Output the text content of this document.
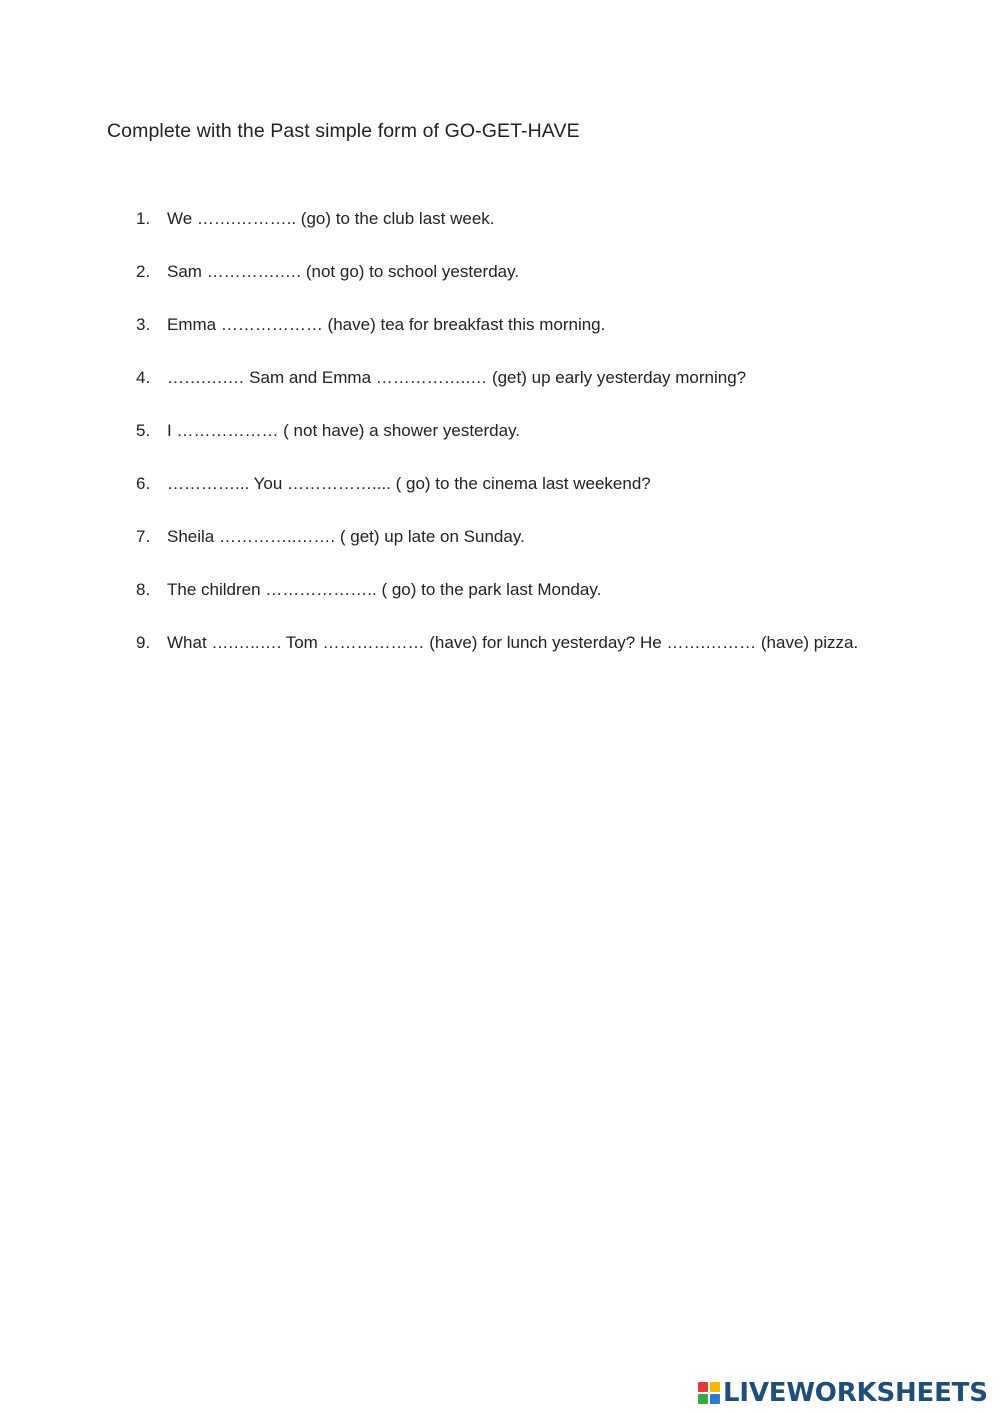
Complete with the Past simple form of GO-GET-HAVE
1. We …….……….. (go) to the club last week.
2. Sam ………….…. (not go) to school yesterday.
3. Emma ……………… (have) tea for breakfast this morning.
4. …….….… Sam and Emma ……………..… (get) up early yesterday morning?
5. I ……………… ( not have) a shower yesterday.
6. …………... You …………….... ( go) to the cinema last weekend?
7. Sheila …………..……. ( get) up late on Sunday.
8. The children ……………….. ( go) to the park last Monday.
9. What ….…..…. Tom ……………… (have) for lunch yesterday? He …….……… (have) pizza.
LIVEWORKSHEETS
